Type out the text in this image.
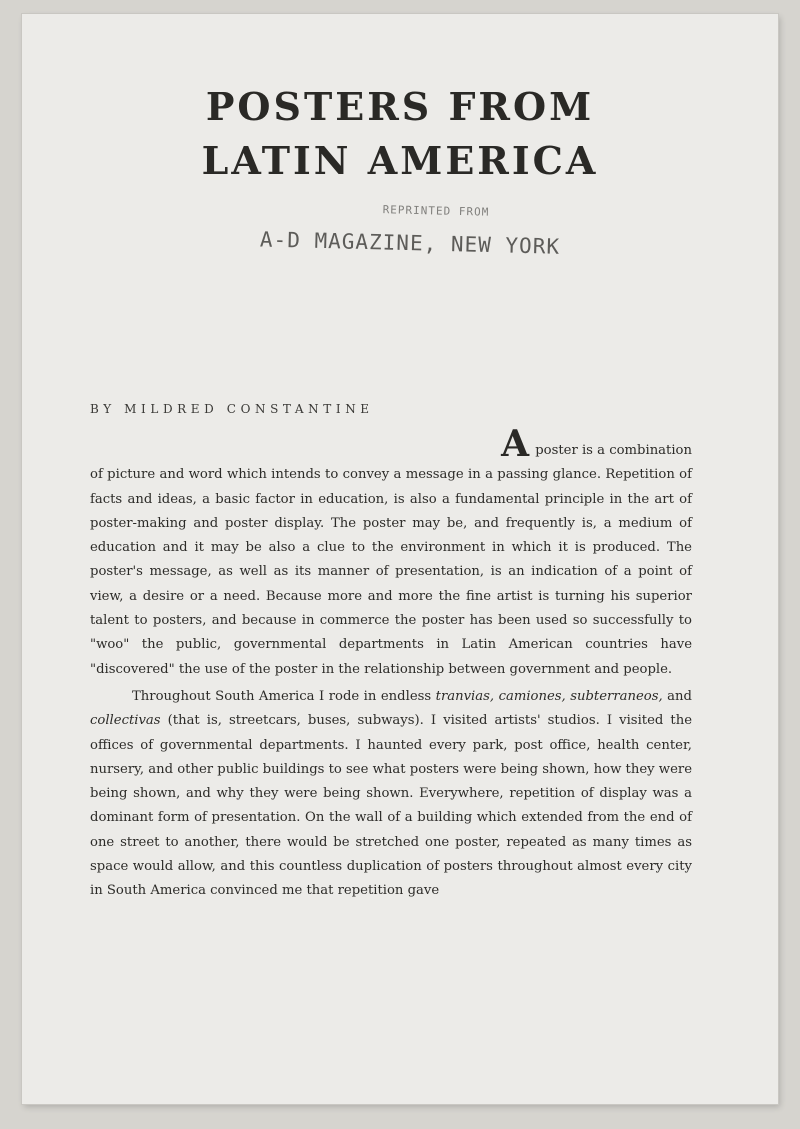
POSTERS FROM
LATIN AMERICA

REPRINTED FROM

A-D MAGAZINE, NEW YORK

BY MILDRED CONSTANTINE

A poster is a combination
of picture and word which intends to convey a message in a passing glance. Repetition of facts and ideas, a basic factor in education, is also a fundamental principle in the art of poster-making and poster display. The poster may be, and frequently is, a medium of education and it may be also a clue to the environment in which it is produced. The poster's message, as well as its manner of presentation, is an indication of a point of view, a desire or a need. Because more and more the fine artist is turning his superior talent to posters, and because in commerce the poster has been used so successfully to "woo" the public, governmental departments in Latin American countries have "discovered" the use of the poster in the relationship between government and people.

Throughout South America I rode in endless tranvias, camiones, subterraneos, and collectivas (that is, streetcars, buses, subways). I visited artists' studios. I visited the offices of governmental departments. I haunted every park, post office, health center, nursery, and other public buildings to see what posters were being shown, how they were being shown, and why they were being shown. Everywhere, repetition of display was a dominant form of presentation. On the wall of a building which extended from the end of one street to another, there would be stretched one poster, repeated as many times as space would allow, and this countless duplication of posters throughout almost every city in South America convinced me that repetition gave
